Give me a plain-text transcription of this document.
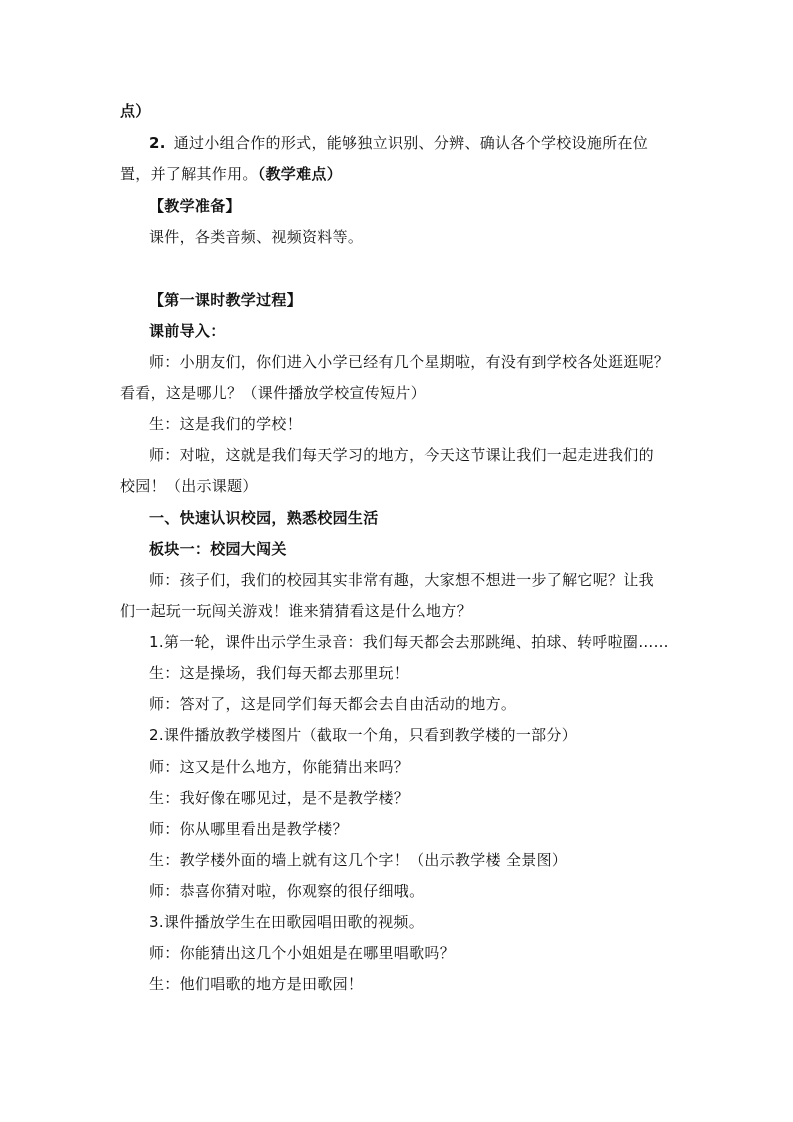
点）
2. 通过小组合作的形式，能够独立识别、分辨、确认各个学校设施所在位
置，并了解其作用。（教学难点）
【教学准备】
课件，各类音频、视频资料等。
【第一课时教学过程】
课前导入：
师：小朋友们，你们进入小学已经有几个星期啦，有没有到学校各处逛逛呢？
看看，这是哪儿？（课件播放学校宣传短片）
生：这是我们的学校！
师：对啦，这就是我们每天学习的地方，今天这节课让我们一起走进我们的
校园！（出示课题）
一、快速认识校园，熟悉校园生活
板块一：校园大闯关
师：孩子们，我们的校园其实非常有趣，大家想不想进一步了解它呢？让我
们一起玩一玩闯关游戏！谁来猜猜看这是什么地方？
1.第一轮，课件出示学生录音：我们每天都会去那跳绳、拍球、转呼啦圈……
生：这是操场，我们每天都去那里玩！
师：答对了，这是同学们每天都会去自由活动的地方。
2.课件播放教学楼图片（截取一个角，只看到教学楼的一部分）
师：这又是什么地方，你能猜出来吗？
生：我好像在哪见过，是不是教学楼？
师：你从哪里看出是教学楼？
生：教学楼外面的墙上就有这几个字！（出示教学楼 全景图）
师：恭喜你猜对啦，你观察的很仔细哦。
3.课件播放学生在田歌园唱田歌的视频。
师：你能猜出这几个小姐姐是在哪里唱歌吗？
生：他们唱歌的地方是田歌园！
